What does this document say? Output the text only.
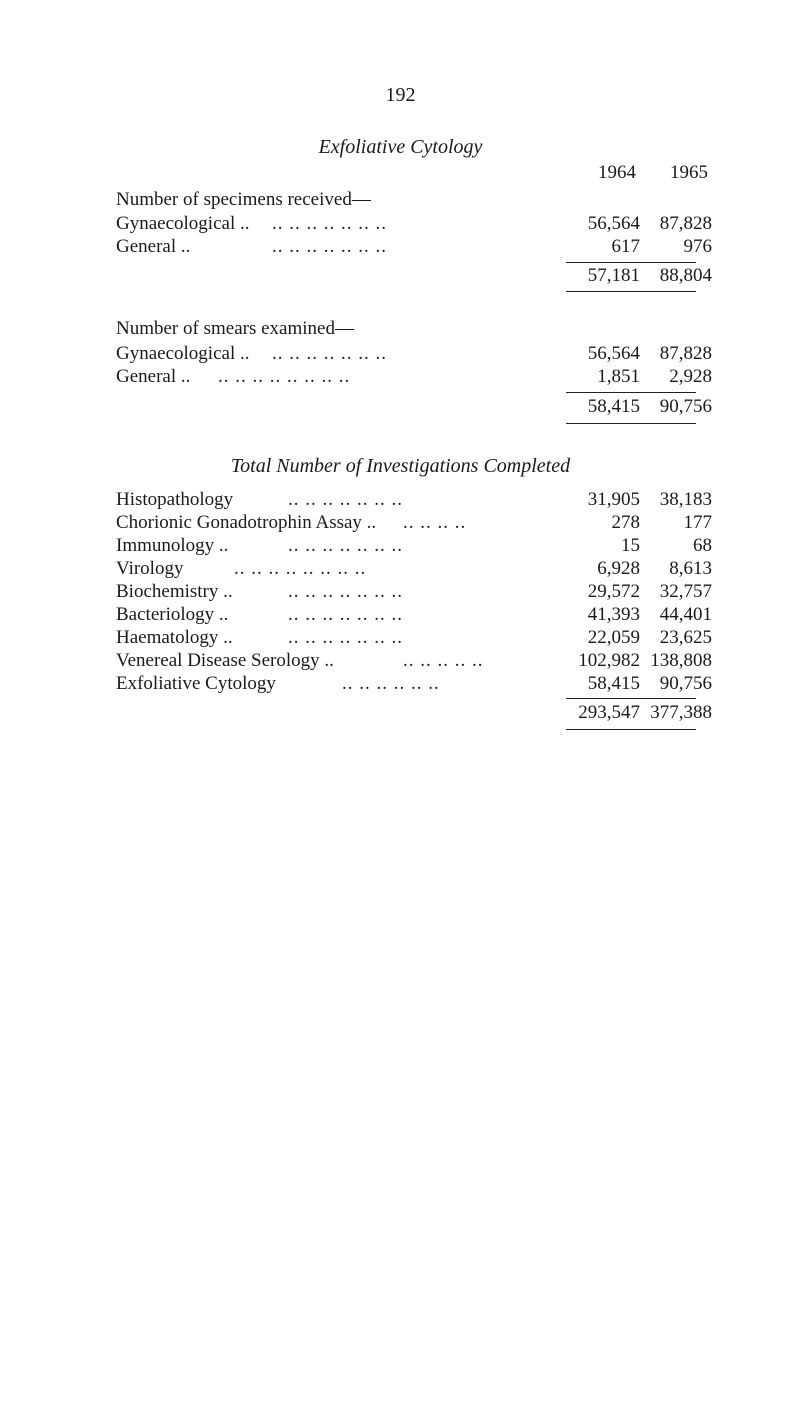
192
Exfoliative Cytology
1964	1965
Number of specimens received—
Gynaecological .. .. .. .. .. .. .. ..	56,564	87,828
General ..	.. .. .. .. .. .. ..	617	976
57,181	88,804
Number of smears examined—
Gynaecological .. .. .. .. .. .. .. ..	56,564	87,828
General .. .. .. .. .. .. .. .. ..	1,851	2,928
58,415	90,756
Total Number of Investigations Completed
Histopathology	.. .. .. .. .. .. ..	31,905	38,183
Chorionic Gonadotrophin Assay .. .. .. .. ..	278	177
Immunology ..	.. .. .. .. .. .. ..	15	68
Virology	.. .. .. .. .. .. .. ..	6,928	8,613
Biochemistry ..	.. .. .. .. .. .. ..	29,572	32,757
Bacteriology ..	.. .. .. .. .. .. ..	41,393	44,401
Haematology ..	.. .. .. .. .. .. ..	22,059	23,625
Venereal Disease Serology ..	.. .. .. .. ..	102,982 138,808
Exfoliative Cytology	.. .. .. .. .. ..	58,415	90,756
293,547 377,388
